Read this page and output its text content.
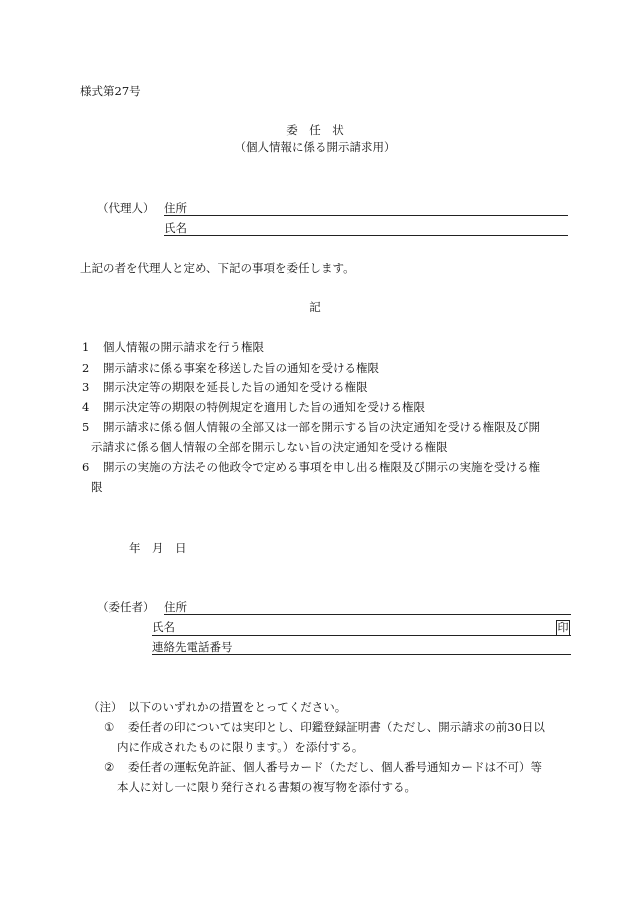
様式第27号
委　任　状
（個人情報に係る開示請求用）
（代理人） 住所
氏名
上記の者を代理人と定め、下記の事項を委任します。
記
1 個人情報の開示請求を行う権限
2 開示請求に係る事案を移送した旨の通知を受ける権限
3 開示決定等の期限を延長した旨の通知を受ける権限
4 開示決定等の期限の特例規定を適用した旨の通知を受ける権限
5 開示請求に係る個人情報の全部又は一部を開示する旨の決定通知を受ける権限及び開
示請求に係る個人情報の全部を開示しない旨の決定通知を受ける権限
6 開示の実施の方法その他政令で定める事項を申し出る権限及び開示の実施を受ける権
限
年　月　日
（委任者） 住所
氏名	印
連絡先電話番号
（注） 以下のいずれかの措置をとってください。
① 委任者の印については実印とし、印鑑登録証明書（ただし、開示請求の前30日以
内に作成されたものに限ります。）を添付する。
② 委任者の運転免許証、個人番号カード（ただし、個人番号通知カードは不可）等
本人に対し一に限り発行される書類の複写物を添付する。
